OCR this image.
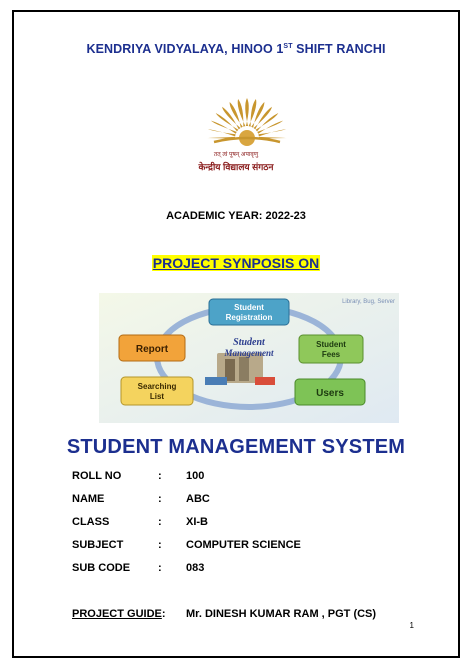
KENDRIYA VIDYALAYA, HINOO 1ST SHIFT RANCHI
तत् त्वं पूषन् अपावृणु
केन्द्रीय विद्यालय संगठन
ACADEMIC YEAR: 2022-23
PROJECT SYNPOSIS ON
Library, Bug, Server
Student
Management
Student
Registration
Student
Fees
Users
Searching
List
Report
STUDENT MANAGEMENT SYSTEM
ROLL NO	: 100
NAME	: ABC
CLASS	: XI-B
SUBJECT	: COMPUTER SCIENCE
SUB CODE	: 083
PROJECT GUIDE: Mr. DINESH KUMAR RAM , PGT (CS)
1
